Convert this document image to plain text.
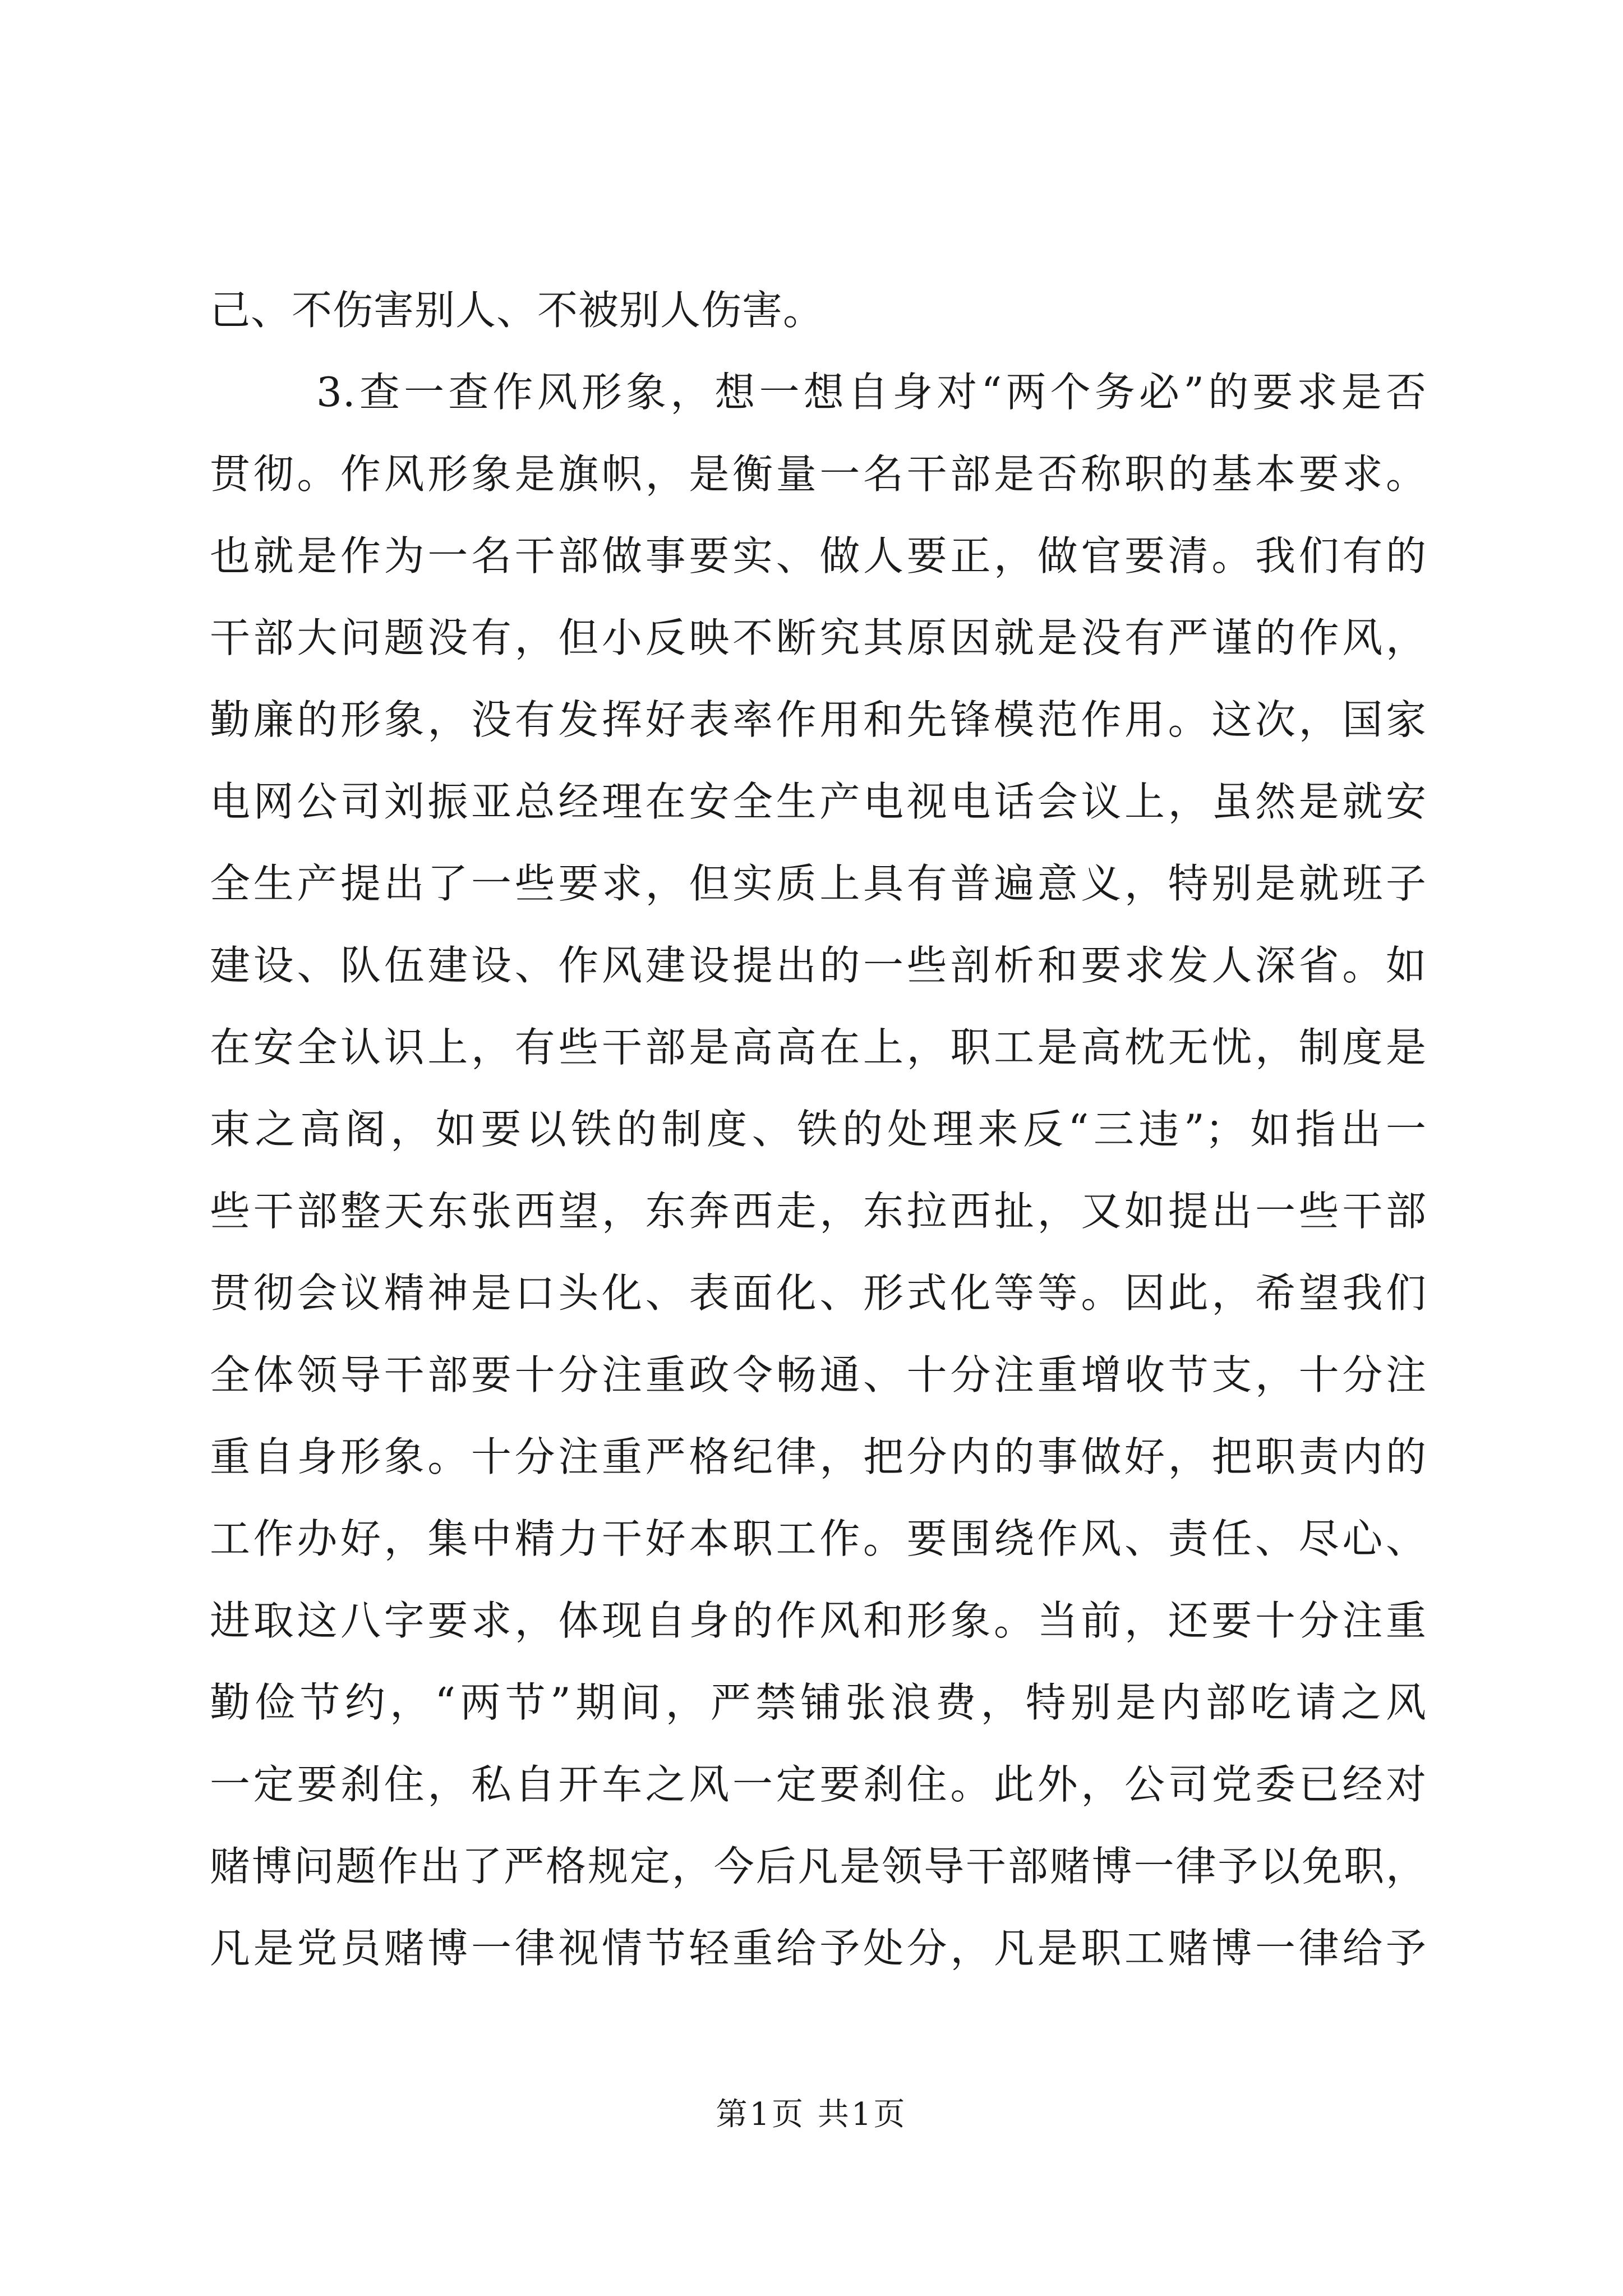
己、不伤害别人、不被别人伤害。
3.查一查作风形象，想一想自身对“两个务必”的要求是否
贯彻。作风形象是旗帜，是衡量一名干部是否称职的基本要求。
也就是作为一名干部做事要实、做人要正，做官要清。我们有的
干部大问题没有，但小反映不断究其原因就是没有严谨的作风，
勤廉的形象，没有发挥好表率作用和先锋模范作用。这次，国家
电网公司刘振亚总经理在安全生产电视电话会议上，虽然是就安
全生产提出了一些要求，但实质上具有普遍意义，特别是就班子
建设、队伍建设、作风建设提出的一些剖析和要求发人深省。如
在安全认识上，有些干部是高高在上，职工是高枕无忧，制度是
束之高阁，如要以铁的制度、铁的处理来反“三违”；如指出一
些干部整天东张西望，东奔西走，东拉西扯，又如提出一些干部
贯彻会议精神是口头化、表面化、形式化等等。因此，希望我们
全体领导干部要十分注重政令畅通、十分注重增收节支，十分注
重自身形象。十分注重严格纪律，把分内的事做好，把职责内的
工作办好，集中精力干好本职工作。要围绕作风、责任、尽心、
进取这八字要求，体现自身的作风和形象。当前，还要十分注重
勤俭节约，“两节”期间，严禁铺张浪费，特别是内部吃请之风
一定要刹住，私自开车之风一定要刹住。此外，公司党委已经对
赌博问题作出了严格规定，今后凡是领导干部赌博一律予以免职，
凡是党员赌博一律视情节轻重给予处分，凡是职工赌博一律给予
第1页 共1页
